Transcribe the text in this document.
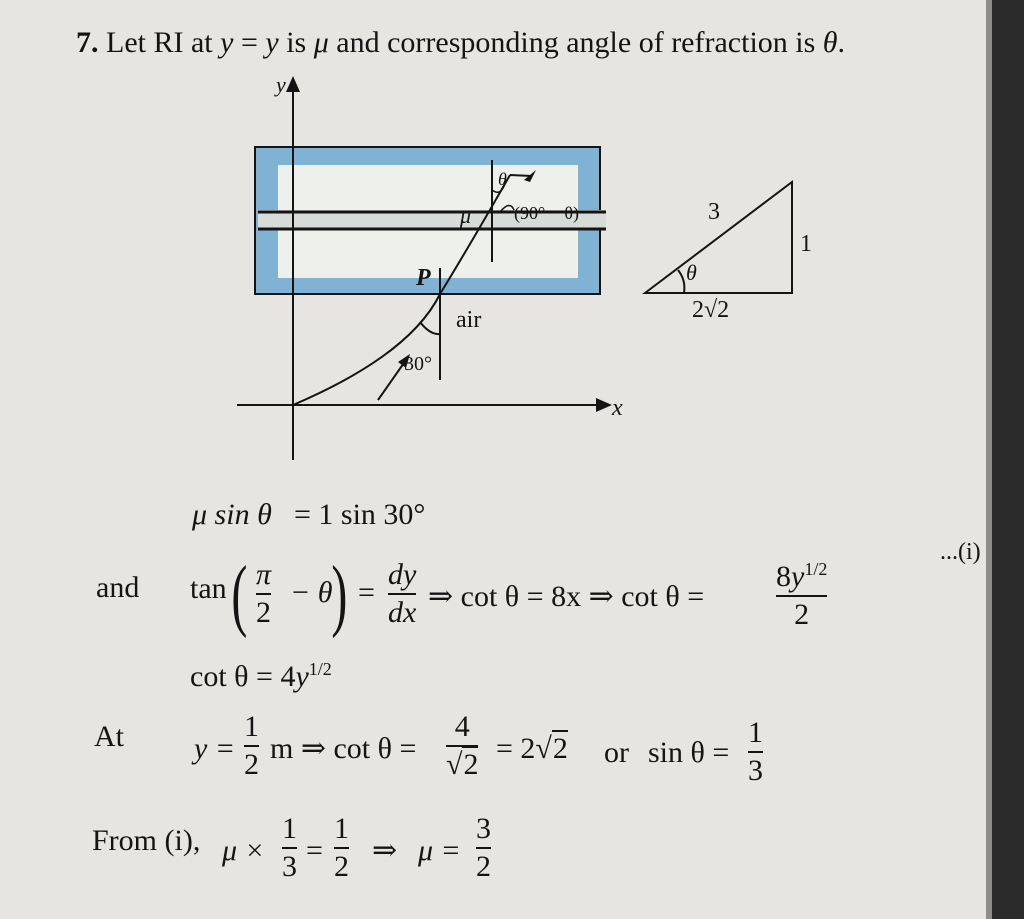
7. Let RI at y = y is μ and corresponding angle of refraction is θ.
y
x
P
air
30°
μ
θ
(90° − θ)	3
1
2√2
θ
μ sin θ = 1 sin 30°
...(i)
and tan ( π
2
− θ
) =
dy
dx ⇒ cot θ = 8x ⇒ cot θ =
$8y^{1/2}$
2
$\cot \theta = 4y^{1/2}$
At y =
1
2 m ⇒ cot θ =
4
√2 = 2√2 or sin θ =
1
3
From (i), μ ×
1
3 =
1
2 ⇒ μ =
3
2
